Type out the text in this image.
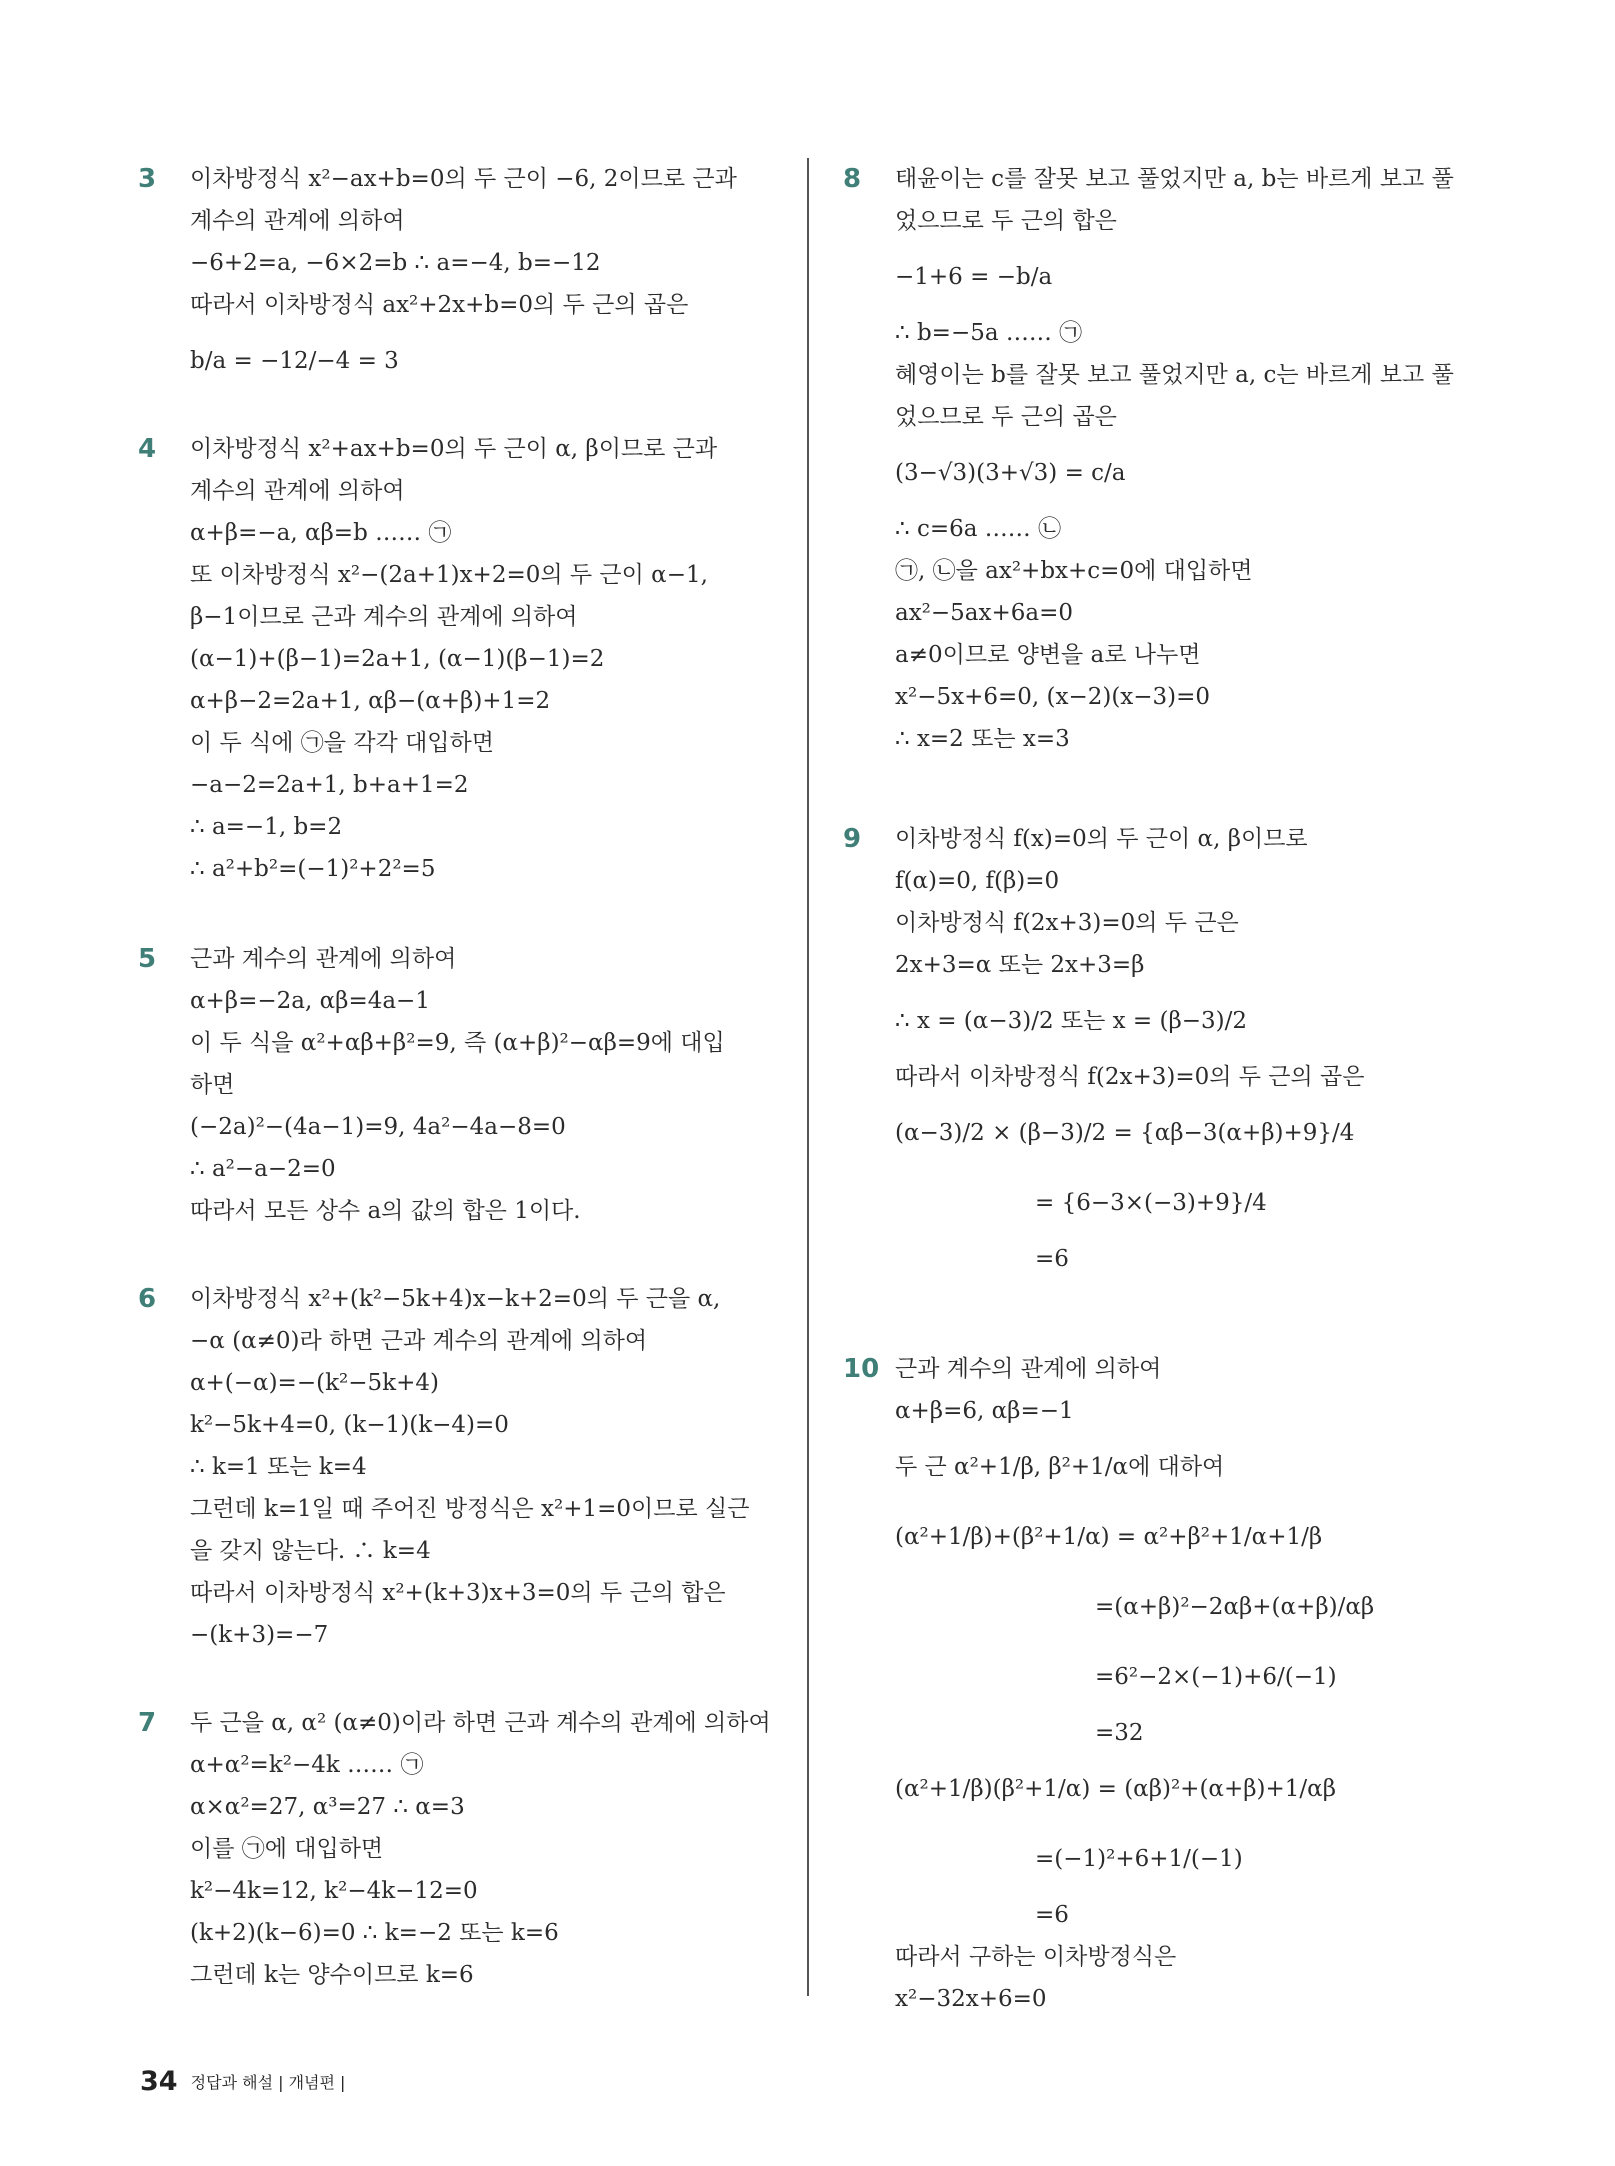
3	이차방정식 x²−ax+b=0의 두 근이 −6, 2이므로 근과
계수의 관계에 의하여
−6+2=a, −6×2=b ∴ a=−4, b=−12
따라서 이차방정식 ax²+2x+b=0의 두 근의 곱은
b/a = −12/−4 = 3
4	이차방정식 x²+ax+b=0의 두 근이 α, β이므로 근과
계수의 관계에 의하여
α+β=−a, αβ=b …… ㉠
또 이차방정식 x²−(2a+1)x+2=0의 두 근이 α−1,
β−1이므로 근과 계수의 관계에 의하여
(α−1)+(β−1)=2a+1, (α−1)(β−1)=2
α+β−2=2a+1, αβ−(α+β)+1=2
이 두 식에 ㉠을 각각 대입하면
−a−2=2a+1, b+a+1=2
∴ a=−1, b=2
∴ a²+b²=(−1)²+2²=5
5	근과 계수의 관계에 의하여
α+β=−2a, αβ=4a−1
이 두 식을 α²+αβ+β²=9, 즉 (α+β)²−αβ=9에 대입
하면
(−2a)²−(4a−1)=9, 4a²−4a−8=0
∴ a²−a−2=0
따라서 모든 상수 a의 값의 합은 1이다.
6	이차방정식 x²+(k²−5k+4)x−k+2=0의 두 근을 α,
−α (α≠0)라 하면 근과 계수의 관계에 의하여
α+(−α)=−(k²−5k+4)
k²−5k+4=0, (k−1)(k−4)=0
∴ k=1 또는 k=4
그런데 k=1일 때 주어진 방정식은 x²+1=0이므로 실근
을 갖지 않는다. ∴ k=4
따라서 이차방정식 x²+(k+3)x+3=0의 두 근의 합은
−(k+3)=−7
7	두 근을 α, α² (α≠0)이라 하면 근과 계수의 관계에 의하여
α+α²=k²−4k …… ㉠
α×α²=27, α³=27 ∴ α=3
이를 ㉠에 대입하면
k²−4k=12, k²−4k−12=0
(k+2)(k−6)=0 ∴ k=−2 또는 k=6
그런데 k는 양수이므로 k=6
8	태윤이는 c를 잘못 보고 풀었지만 a, b는 바르게 보고 풀
었으므로 두 근의 합은
−1+6 = −b/a
∴ b=−5a …… ㉠
혜영이는 b를 잘못 보고 풀었지만 a, c는 바르게 보고 풀
었으므로 두 근의 곱은
(3−√3)(3+√3) = c/a
∴ c=6a …… ㉡
㉠, ㉡을 ax²+bx+c=0에 대입하면
ax²−5ax+6a=0
a≠0이므로 양변을 a로 나누면
x²−5x+6=0, (x−2)(x−3)=0
∴ x=2 또는 x=3
9	이차방정식 f(x)=0의 두 근이 α, β이므로
f(α)=0, f(β)=0
이차방정식 f(2x+3)=0의 두 근은
2x+3=α 또는 2x+3=β
∴ x = (α−3)/2 또는 x = (β−3)/2
따라서 이차방정식 f(2x+3)=0의 두 근의 곱은
(α−3)/2 × (β−3)/2 = {αβ−3(α+β)+9}/4
= {6−3×(−3)+9}/4
=6
10 근과 계수의 관계에 의하여
α+β=6, αβ=−1
두 근 α²+1/β, β²+1/α에 대하여
(α²+1/β)+(β²+1/α) = α²+β²+1/α+1/β
=(α+β)²−2αβ+(α+β)/αβ
=6²−2×(−1)+6/(−1)
=32
(α²+1/β)(β²+1/α) = (αβ)²+(α+β)+1/αβ
=(−1)²+6+1/(−1)
=6
따라서 구하는 이차방정식은
x²−32x+6=0
34 정답과 해설 | 개념편 |
